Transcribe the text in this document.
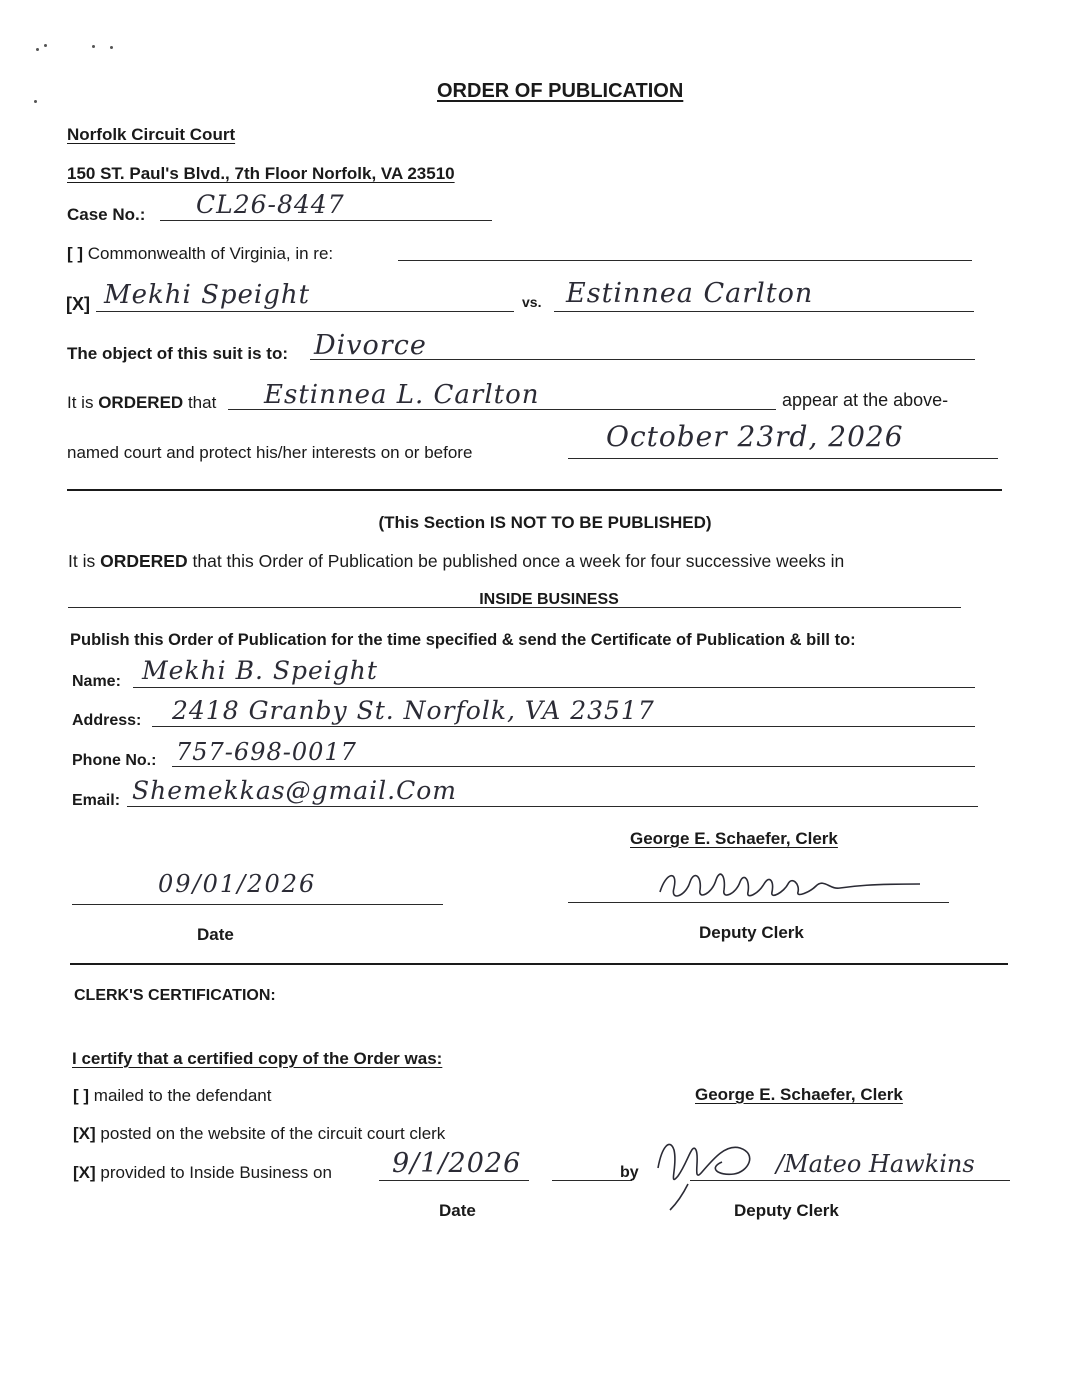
ORDER OF PUBLICATION
Norfolk Circuit Court
150 ST. Paul's Blvd., 7th Floor Norfolk, VA 23510
Case No.: CL26-8447
[ ] Commonwealth of Virginia, in re:
[X] Mekhi Speight	vs. Estinnea Carlton
The object of this suit is to: Divorce
It is ORDERED that Estinnea L. Carlton	appear at the above-
named court and protect his/her interests on or before	October 23rd, 2026
(This Section IS NOT TO BE PUBLISHED)
It is ORDERED that this Order of Publication be published once a week for four successive weeks in
INSIDE BUSINESS
Publish this Order of Publication for the time specified & send the Certificate of Publication & bill to:
Name: Mekhi B. Speight
Address: 2418 Granby St. Norfolk, VA 23517
Phone No.: 757-698-0017
Email: Shemekkas@gmail.Com
George E. Schaefer, Clerk
09/01/2026
Date	Deputy Clerk
CLERK'S CERTIFICATION:
I certify that a certified copy of the Order was:
[ ] mailed to the defendant	George E. Schaefer, Clerk
[X] posted on the website of the circuit court clerk
[X] provided to Inside Business on 9/1/2026	by	/Mateo Hawkins
Date	Deputy Clerk
